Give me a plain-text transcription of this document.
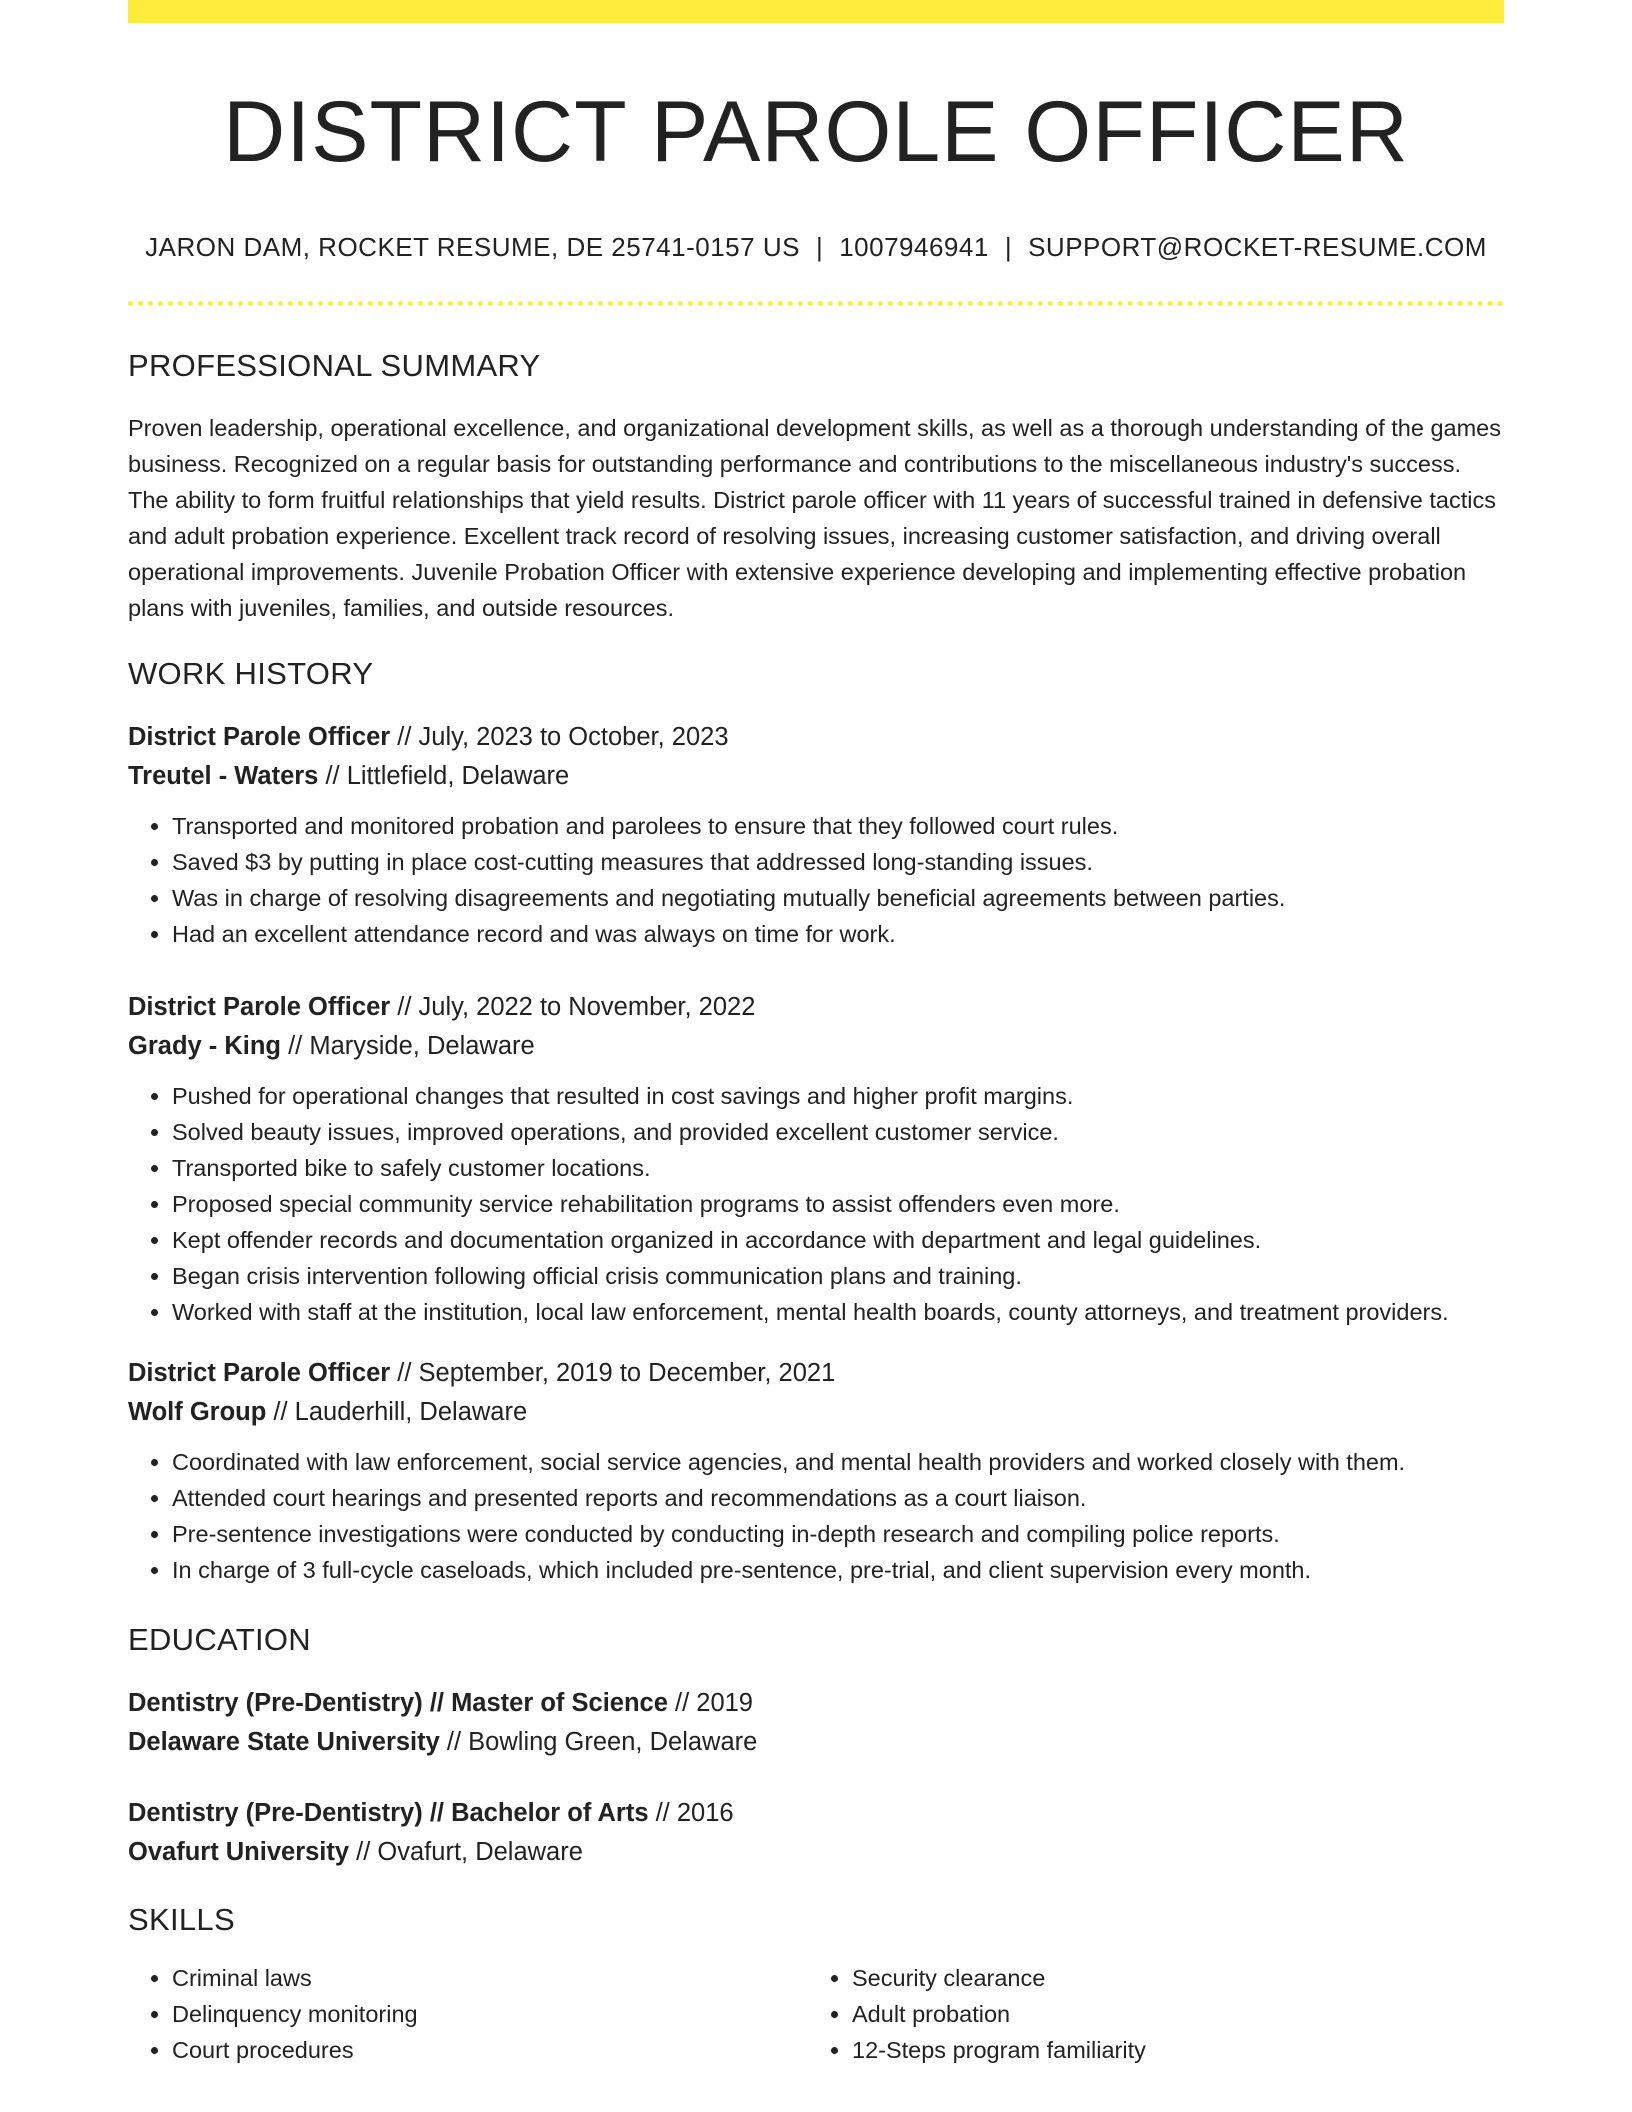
DISTRICT PAROLE OFFICER
JARON DAM, ROCKET RESUME, DE 25741-0157 US | 1007946941 | SUPPORT@ROCKET-RESUME.COM
PROFESSIONAL SUMMARY

Proven leadership, operational excellence, and organizational development skills, as well as a thorough understanding of the games business. Recognized on a regular basis for outstanding performance and contributions to the miscellaneous industry's success. The ability to form fruitful relationships that yield results. District parole officer with 11 years of successful trained in defensive tactics and adult probation experience. Excellent track record of resolving issues, increasing customer satisfaction, and driving overall operational improvements. Juvenile Probation Officer with extensive experience developing and implementing effective probation plans with juveniles, families, and outside resources.

WORK HISTORY
District Parole Officer // July, 2023 to October, 2023
Treutel - Waters // Littlefield, Delaware
• Transported and monitored probation and parolees to ensure that they followed court rules.
• Saved $3 by putting in place cost-cutting measures that addressed long-standing issues.
• Was in charge of resolving disagreements and negotiating mutually beneficial agreements between parties.
• Had an excellent attendance record and was always on time for work.
District Parole Officer // July, 2022 to November, 2022
Grady - King // Maryside, Delaware
• Pushed for operational changes that resulted in cost savings and higher profit margins.
• Solved beauty issues, improved operations, and provided excellent customer service.
• Transported bike to safely customer locations.
• Proposed special community service rehabilitation programs to assist offenders even more.
• Kept offender records and documentation organized in accordance with department and legal guidelines.
• Began crisis intervention following official crisis communication plans and training.
• Worked with staff at the institution, local law enforcement, mental health boards, county attorneys, and treatment providers.
District Parole Officer // September, 2019 to December, 2021
Wolf Group // Lauderhill, Delaware
• Coordinated with law enforcement, social service agencies, and mental health providers and worked closely with them.
• Attended court hearings and presented reports and recommendations as a court liaison.
• Pre-sentence investigations were conducted by conducting in-depth research and compiling police reports.
• In charge of 3 full-cycle caseloads, which included pre-sentence, pre-trial, and client supervision every month.
EDUCATION
Dentistry (Pre-Dentistry) // Master of Science // 2019
Delaware State University // Bowling Green, Delaware
Dentistry (Pre-Dentistry) // Bachelor of Arts // 2016
Ovafurt University // Ovafurt, Delaware
SKILLS
• Criminal laws
• Delinquency monitoring
• Court procedures
• Security clearance
• Adult probation
• 12-Steps program familiarity
